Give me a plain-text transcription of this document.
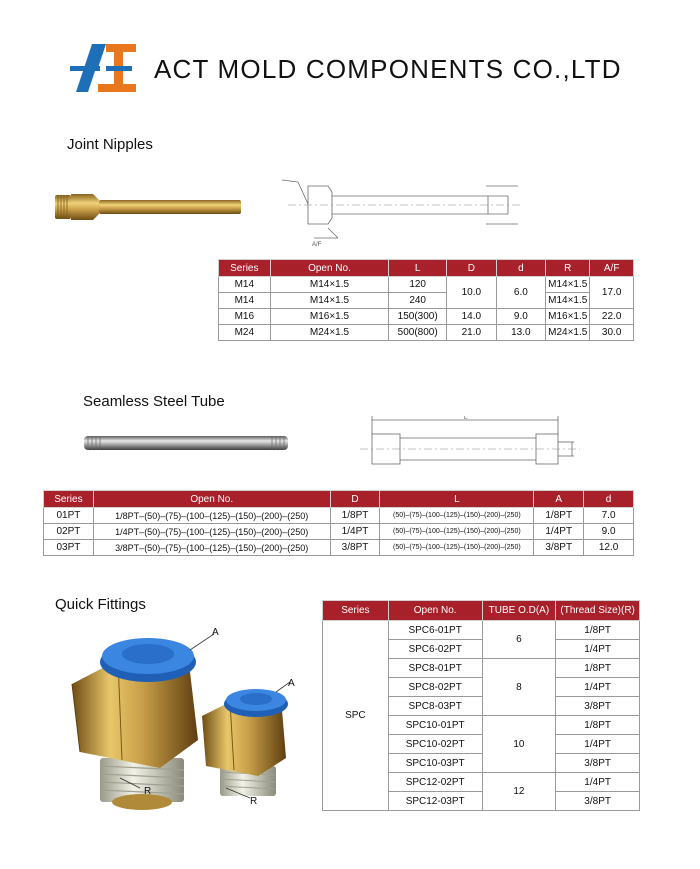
ACT MOLD COMPONENTS CO.,LTD
Joint Nipples
A/F
Series	Open No.	L	D	d	R	A/F
M14	M14×1.5	120	10.0	6.0	M14×1.5	17.0
M14	M14×1.5	240			M14×1.5	
M16	M16×1.5	150(300)	14.0	9.0	M16×1.5	22.0
M24	M24×1.5	500(800)	21.0	13.0	M24×1.5	30.0
Seamless Steel Tube
L
Series	Open No.	D	L	A	d
01PT	1/8PT–(50)–(75)–(100–(125)–(150)–(200)–(250)	1/8PT	(50)–(75)–(100–(125)–(150)–(200)–(250)	1/8PT	7.0
02PT	1/4PT–(50)–(75)–(100–(125)–(150)–(200)–(250)	1/4PT	(50)–(75)–(100–(125)–(150)–(200)–(250)	1/4PT	9.0
03PT	3/8PT–(50)–(75)–(100–(125)–(150)–(200)–(250)	3/8PT	(50)–(75)–(100–(125)–(150)–(200)–(250)	3/8PT	12.0
Quick Fittings
A
A
R
R
Series	Open No.	TUBE O.D(A)	(Thread Size)(R)
SPC	SPC6-01PT	6	1/8PT
	SPC6-02PT		1/4PT
	SPC8-01PT	8	1/8PT
	SPC8-02PT		1/4PT
	SPC8-03PT		3/8PT
	SPC10-01PT	10	1/8PT
	SPC10-02PT		1/4PT
	SPC10-03PT		3/8PT
	SPC12-02PT	12	1/4PT
	SPC12-03PT		3/8PT
